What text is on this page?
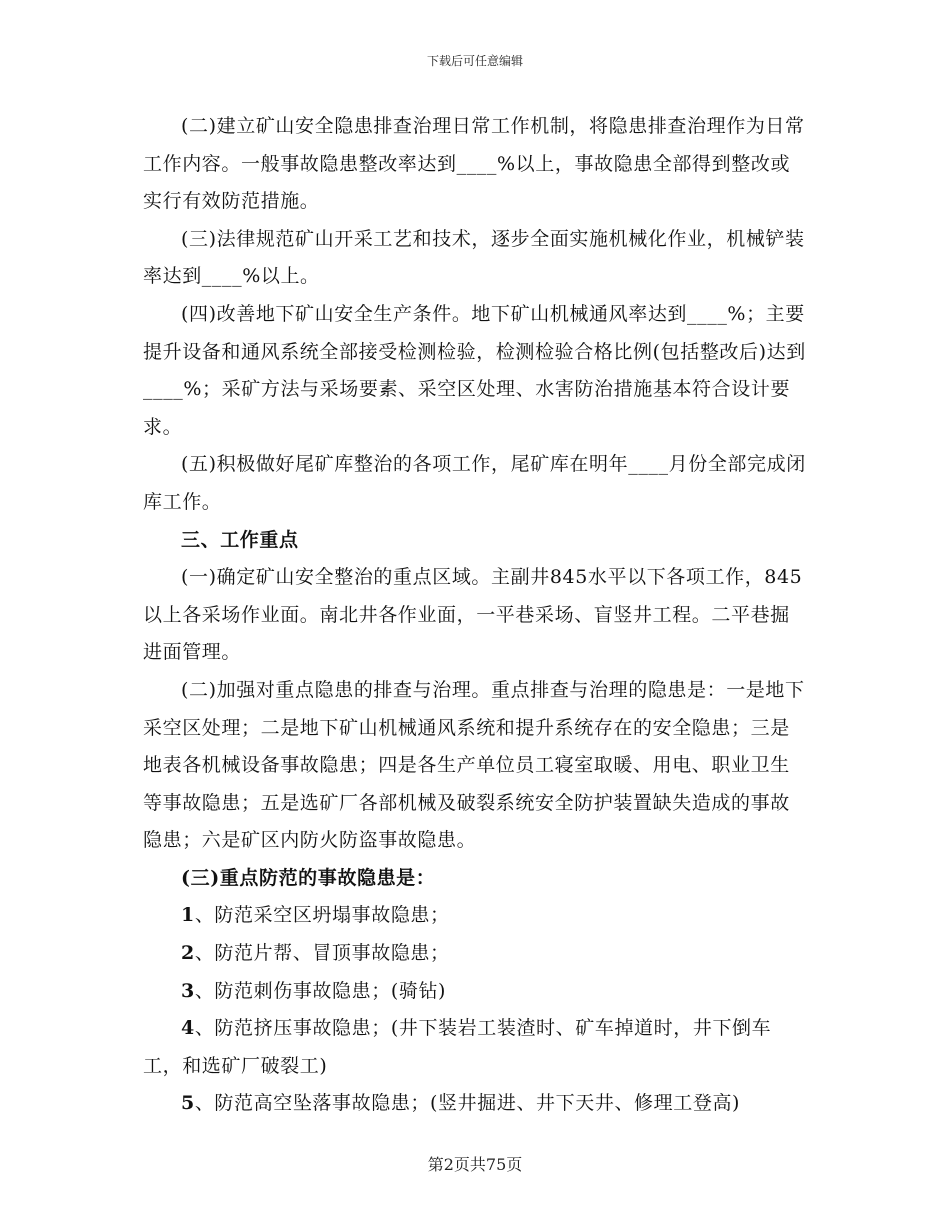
下载后可任意编辑

(二)建立矿山安全隐患排查治理日常工作机制，将隐患排查治理作为日常工作内容。一般事故隐患整改率达到____%以上，事故隐患全部得到整改或实行有效防范措施。

(三)法律规范矿山开采工艺和技术，逐步全面实施机械化作业，机械铲装率达到____%以上。

(四)改善地下矿山安全生产条件。地下矿山机械通风率达到____%；主要提升设备和通风系统全部接受检测检验，检测检验合格比例(包括整改后)达到____%；采矿方法与采场要素、采空区处理、水害防治措施基本符合设计要求。

(五)积极做好尾矿库整治的各项工作，尾矿库在明年____月份全部完成闭库工作。

三、工作重点

(一)确定矿山安全整治的重点区域。主副井845水平以下各项工作，845以上各采场作业面。南北井各作业面，一平巷采场、盲竖井工程。二平巷掘进面管理。

(二)加强对重点隐患的排查与治理。重点排查与治理的隐患是：一是地下采空区处理；二是地下矿山机械通风系统和提升系统存在的安全隐患；三是地表各机械设备事故隐患；四是各生产单位员工寝室取暖、用电、职业卫生等事故隐患；五是选矿厂各部机械及破裂系统安全防护装置缺失造成的事故隐患；六是矿区内防火防盗事故隐患。

(三)重点防范的事故隐患是：

1、防范采空区坍塌事故隐患；

2、防范片帮、冒顶事故隐患；

3、防范刺伤事故隐患；(骑钻)

4、防范挤压事故隐患；(井下装岩工装渣时、矿车掉道时，井下倒车工，和选矿厂破裂工)

5、防范高空坠落事故隐患；(竖井掘进、井下天井、修理工登高)

第2页共75页
